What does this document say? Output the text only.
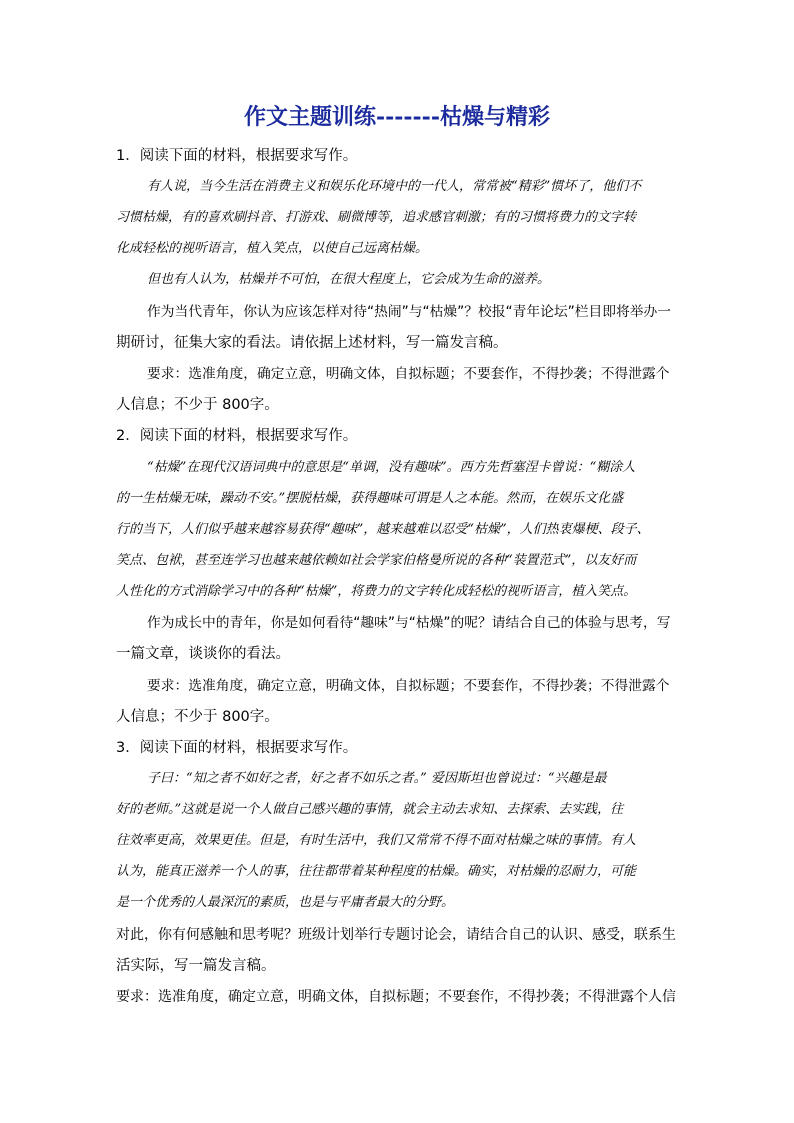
作文主题训练-------枯燥与精彩
1．阅读下面的材料，根据要求写作。
有人说，当今生活在消费主义和娱乐化环境中的一代人，常常被“精彩”惯坏了，他们不
习惯枯燥，有的喜欢刷抖音、打游戏、刷微博等，追求感官刺激；有的习惯将费力的文字转
化成轻松的视听语言，植入笑点，以使自己远离枯燥。
但也有人认为，枯燥并不可怕，在很大程度上，它会成为生命的滋养。
作为当代青年，你认为应该怎样对待“热闹”与“枯燥”？校报“青年论坛”栏目即将举办一
期研讨，征集大家的看法。请依据上述材料，写一篇发言稿。
要求：选准角度，确定立意，明确文体，自拟标题；不要套作，不得抄袭；不得泄露个
人信息；不少于 800字。
2．阅读下面的材料，根据要求写作。
“枯燥”在现代汉语词典中的意思是“单调，没有趣味”。西方先哲塞涅卡曾说：“糊涂人
的一生枯燥无味，躁动不安。”摆脱枯燥，获得趣味可谓是人之本能。然而，在娱乐文化盛
行的当下，人们似乎越来越容易获得“趣味”，越来越难以忍受“枯燥”，人们热衷爆梗、段子、
笑点、包袱，甚至连学习也越来越依赖如社会学家伯格曼所说的各种“装置范式”，以友好而
人性化的方式消除学习中的各种“枯燥”，将费力的文字转化成轻松的视听语言，植入笑点。
作为成长中的青年，你是如何看待“趣味”与“枯燥”的呢？请结合自己的体验与思考，写
一篇文章，谈谈你的看法。
要求：选准角度，确定立意，明确文体，自拟标题；不要套作，不得抄袭；不得泄露个
人信息；不少于 800字。
3．阅读下面的材料，根据要求写作。
子曰：“知之者不如好之者，好之者不如乐之者。” 爱因斯坦也曾说过：“兴趣是最
好的老师。”这就是说一个人做自己感兴趣的事情，就会主动去求知、去探索、去实践，往
往效率更高，效果更佳。但是，有时生活中，我们又常常不得不面对枯燥之味的事情。有人
认为，能真正滋养一个人的事，往往都带着某种程度的枯燥。确实，对枯燥的忍耐力，可能
是一个优秀的人最深沉的素质，也是与平庸者最大的分野。
对此，你有何感触和思考呢？班级计划举行专题讨论会，请结合自己的认识、感受，联系生
活实际，写一篇发言稿。
要求：选准角度，确定立意，明确文体，自拟标题；不要套作，不得抄袭；不得泄露个人信
